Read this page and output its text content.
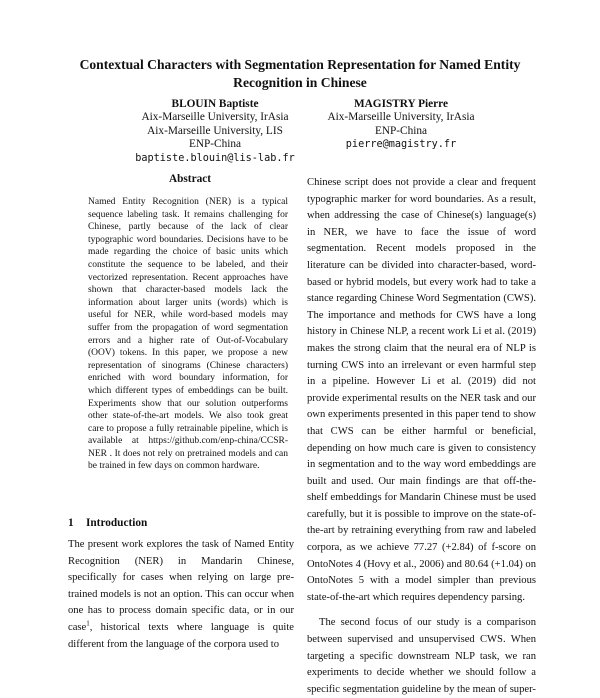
Contextual Characters with Segmentation Representation for Named Entity Recognition in Chinese
BLOUIN Baptiste
Aix-Marseille University, IrAsia
Aix-Marseille University, LIS
ENP-China
baptiste.blouin@lis-lab.fr
MAGISTRY Pierre
Aix-Marseille University, IrAsia
ENP-China
pierre@magistry.fr
Abstract

Named Entity Recognition (NER) is a typical sequence labeling task. It remains challenging for Chinese, partly because of the lack of clear typographic word boundaries. Decisions have to be made regarding the choice of basic units which constitute the sequence to be labeled, and their vectorized representation. Recent approaches have shown that character-based models lack the information about larger units (words) which is useful for NER, while word-based models may suffer from the propagation of word segmentation errors and a higher rate of Out-of-Vocabulary (OOV) tokens. In this paper, we propose a new representation of sinograms (Chinese characters) enriched with word boundary information, for which different types of embeddings can be built. Experiments show that our solution outperforms other state-of-the-art models. We also took great care to propose a fully retrainable pipeline, which is available at https://github.com/enp-china/CCSR-NER . It does not rely on pretrained models and can be trained in few days on common hardware.

1 Introduction

The present work explores the task of Named Entity Recognition (NER) in Mandarin Chinese, specifically for cases when relying on large pre-trained models is not an option. This can occur when one has to process domain specific data, or in our case$^1$, historical texts where language is quite different from the language of the corpora used to

Chinese script does not provide a clear and frequent typographic marker for word boundaries. As a result, when addressing the case of Chinese(s) language(s) in NER, we have to face the issue of word segmentation. Recent models proposed in the literature can be divided into character-based, word-based or hybrid models, but every work had to take a stance regarding Chinese Word Segmentation (CWS). The importance and methods for CWS have a long history in Chinese NLP, a recent work Li et al. (2019) makes the strong claim that the neural era of NLP is turning CWS into an irrelevant or even harmful step in a pipeline. However Li et al. (2019) did not provide experimental results on the NER task and our own experiments presented in this paper tend to show that CWS can be either harmful or beneficial, depending on how much care is given to consistency in segmentation and to the way word embeddings are built and used. Our main findings are that off-the-shelf embeddings for Mandarin Chinese must be used carefully, but it is possible to improve on the state-of-the-art by retraining everything from raw and labeled corpora, as we achieve 77.27 (+2.84) of f-score on OntoNotes 4 (Hovy et al., 2006) and 80.64 (+1.04) on OntoNotes 5 with a model simpler than previous state-of-the-art which requires dependency parsing.

The second focus of our study is a comparison between supervised and unsupervised CWS. When targeting a specific downstream NLP task, we ran experiments to decide whether we should follow a specific segmentation guideline by the mean of super-
